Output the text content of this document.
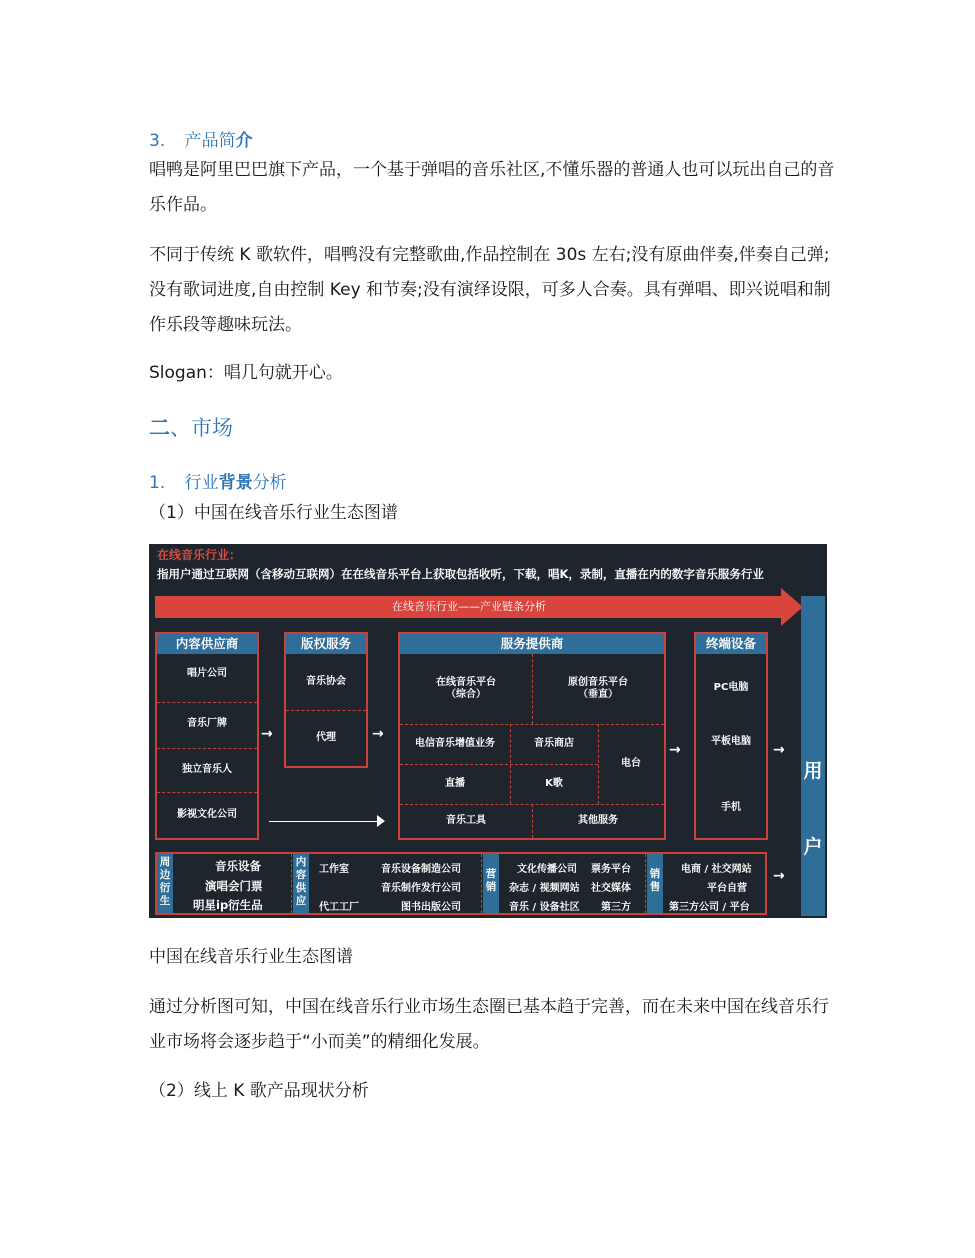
3. 产品简介
唱鸭是阿里巴巴旗下产品，一个基于弹唱的音乐社区,不懂乐器的普通人也可以玩出自己的音乐作品。
不同于传统 K 歌软件，唱鸭没有完整歌曲,作品控制在 30s 左右;没有原曲伴奏,伴奏自己弹;没有歌词进度,自由控制 Key 和节奏;没有演绎设限，可多人合奏。具有弹唱、即兴说唱和制作乐段等趣味玩法。
Slogan：唱几句就开心。
二、市场
1. 行业背景分析
（1）中国在线音乐行业生态图谱
在线音乐行业：
指用户通过互联网（含移动互联网）在在线音乐平台上获取包括收听，下载，唱K，录制，直播在内的数字音乐服务行业
在线音乐行业——产业链条分析
内容供应商
唱片公司
音乐厂牌
独立音乐人
影视文化公司
→
版权服务
音乐协会
代理	→
服务提供商
在线音乐平台
（综合）
原创音乐平台
（垂直）
电信音乐增值业务	音乐商店
电台
直播	K歌
音乐工具	其他服务
→
终端设备
PC电脑
平板电脑
手机
→
用
户
周边衍生
音乐设备
演唱会门票
明星ip衍生品
内容供应
工作室
代工工厂
音乐设备制造公司
音乐制作发行公司
图书出版公司
营销
文化传播公司
杂志 / 视频网站
音乐 / 设备社区
票务平台
社交媒体
第三方
销售
电商 / 社交网站
平台自营
第三方公司 / 平台
→
中国在线音乐行业生态图谱
通过分析图可知，中国在线音乐行业市场生态圈已基本趋于完善，而在未来中国在线音乐行业市场将会逐步趋于“小而美”的精细化发展。
（2）线上 K 歌产品现状分析
